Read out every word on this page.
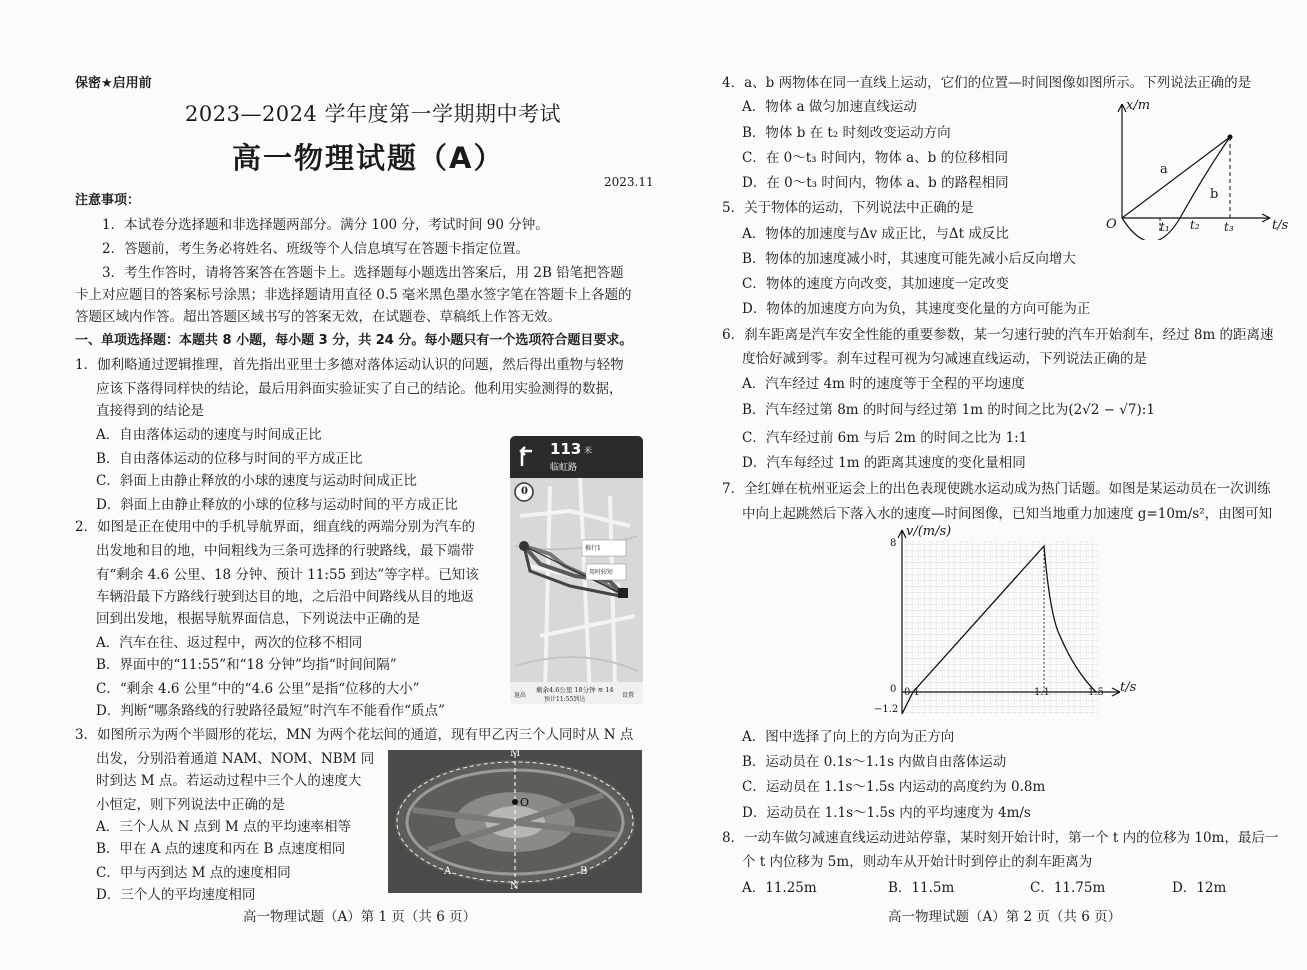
保密★启用前
2023—2024 学年度第一学期期中考试
高一物理试题（A）
2023.11
注意事项：
1．本试卷分选择题和非选择题两部分。满分 100 分，考试时间 90 分钟。
2．答题前，考生务必将姓名、班级等个人信息填写在答题卡指定位置。
3．考生作答时，请将答案答在答题卡上。选择题每小题选出答案后，用 2B 铅笔把答题
卡上对应题目的答案标号涂黑；非选择题请用直径 0.5 毫米黑色墨水签字笔在答题卡上各题的
答题区域内作答。超出答题区域书写的答案无效，在试题卷、草稿纸上作答无效。
一、单项选择题：本题共 8 小题，每小题 3 分，共 24 分。每小题只有一个选项符合题目要求。
1．伽利略通过逻辑推理，首先指出亚里士多德对落体运动认识的问题，然后得出重物与轻物
应该下落得同样快的结论，最后用斜面实验证实了自己的结论。他利用实验测得的数据，
直接得到的结论是
A．自由落体运动的速度与时间成正比
B．自由落体运动的位移与时间的平方成正比
C．斜面上由静止释放的小球的速度与运动时间成正比
D．斜面上由静止释放的小球的位移与运动时间的平方成正比
2．如图是正在使用中的手机导航界面，细直线的两端分别为汽车的
出发地和目的地，中间粗线为三条可选择的行驶路线，最下端带
有“剩余 4.6 公里、18 分钟、预计 11:55 到达”等字样。已知该
车辆沿最下方路线行驶到达目的地，之后沿中间路线从目的地返
回到出发地，根据导航界面信息，下列说法中正确的是
A．汽车在往、返过程中，两次的位移不相同
B．界面中的“11:55”和“18 分钟”均指“时间间隔”
C．“剩余 4.6 公里”中的“4.6 公里”是指“位移的大小”
D．判断“哪条路线的行驶路径最短”时汽车不能看作“质点”
3．如图所示为两个半圆形的花坛，MN 为两个花坛间的通道，现有甲乙丙三个人同时从 N 点
出发，分别沿着通道 NAM、NOM、NBM 同
时到达 M 点。若运动过程中三个人的速度大
小恒定，则下列说法中正确的是
A．三个人从 N 点到 M 点的平均速率相等
B．甲在 A 点的速度和丙在 B 点速度相同
C．甲与丙到达 M 点的速度相同
D．三个人的平均速度相同
高一物理试题（A）第 1 页（共 6 页）
113 米
临虹路
0
推行1
用时较短
退出
剩余4.6公里 18分钟 ≋ 14
预计11:55到达
设置
M
O
A	B
N
4．a、b 两物体在同一直线上运动，它们的位置—时间图像如图所示。下列说法正确的是
A．物体 a 做匀加速直线运动
B．物体 b 在 t₂ 时刻改变运动方向
C．在 0～t₃ 时间内，物体 a、b 的位移相同
D．在 0～t₃ 时间内，物体 a、b 的路程相同
x/m
t/s
O	t₁ t₂ t₃
a
b
5．关于物体的运动，下列说法中正确的是
A．物体的加速度与Δv 成正比，与Δt 成反比
B．物体的加速度减小时，其速度可能先减小后反向增大
C．物体的速度方向改变，其加速度一定改变
D．物体的加速度方向为负，其速度变化量的方向可能为正
6．刹车距离是汽车安全性能的重要参数，某一匀速行驶的汽车开始刹车，经过 8m 的距离速
度恰好减到零。刹车过程可视为匀减速直线运动，下列说法正确的是
A．汽车经过 4m 时的速度等于全程的平均速度
B．汽车经过第 8m 的时间与经过第 1m 的时间之比为(2√2 − √7):1
C．汽车经过前 6m 与后 2m 的时间之比为 1:1
D．汽车每经过 1m 的距离其速度的变化量相同
7．全红婵在杭州亚运会上的出色表现使跳水运动成为热门话题。如图是某运动员在一次训练
中向上起跳然后下落入水的速度—时间图像，已知当地重力加速度 g=10m/s²，由图可知
v/(m/s)
t/s
8
0
−1.2
0.1	1.1	1.5
A．图中选择了向上的方向为正方向
B．运动员在 0.1s～1.1s 内做自由落体运动
C．运动员在 1.1s～1.5s 内运动的高度约为 0.8m
D．运动员在 1.1s～1.5s 内的平均速度为 4m/s
8．一动车做匀减速直线运动进站停靠，某时刻开始计时，第一个 t 内的位移为 10m，最后一
个 t 内位移为 5m，则动车从开始计时到停止的刹车距离为
A．11.25m	B．11.5m	C．11.75m	D．12m
高一物理试题（A）第 2 页（共 6 页）
